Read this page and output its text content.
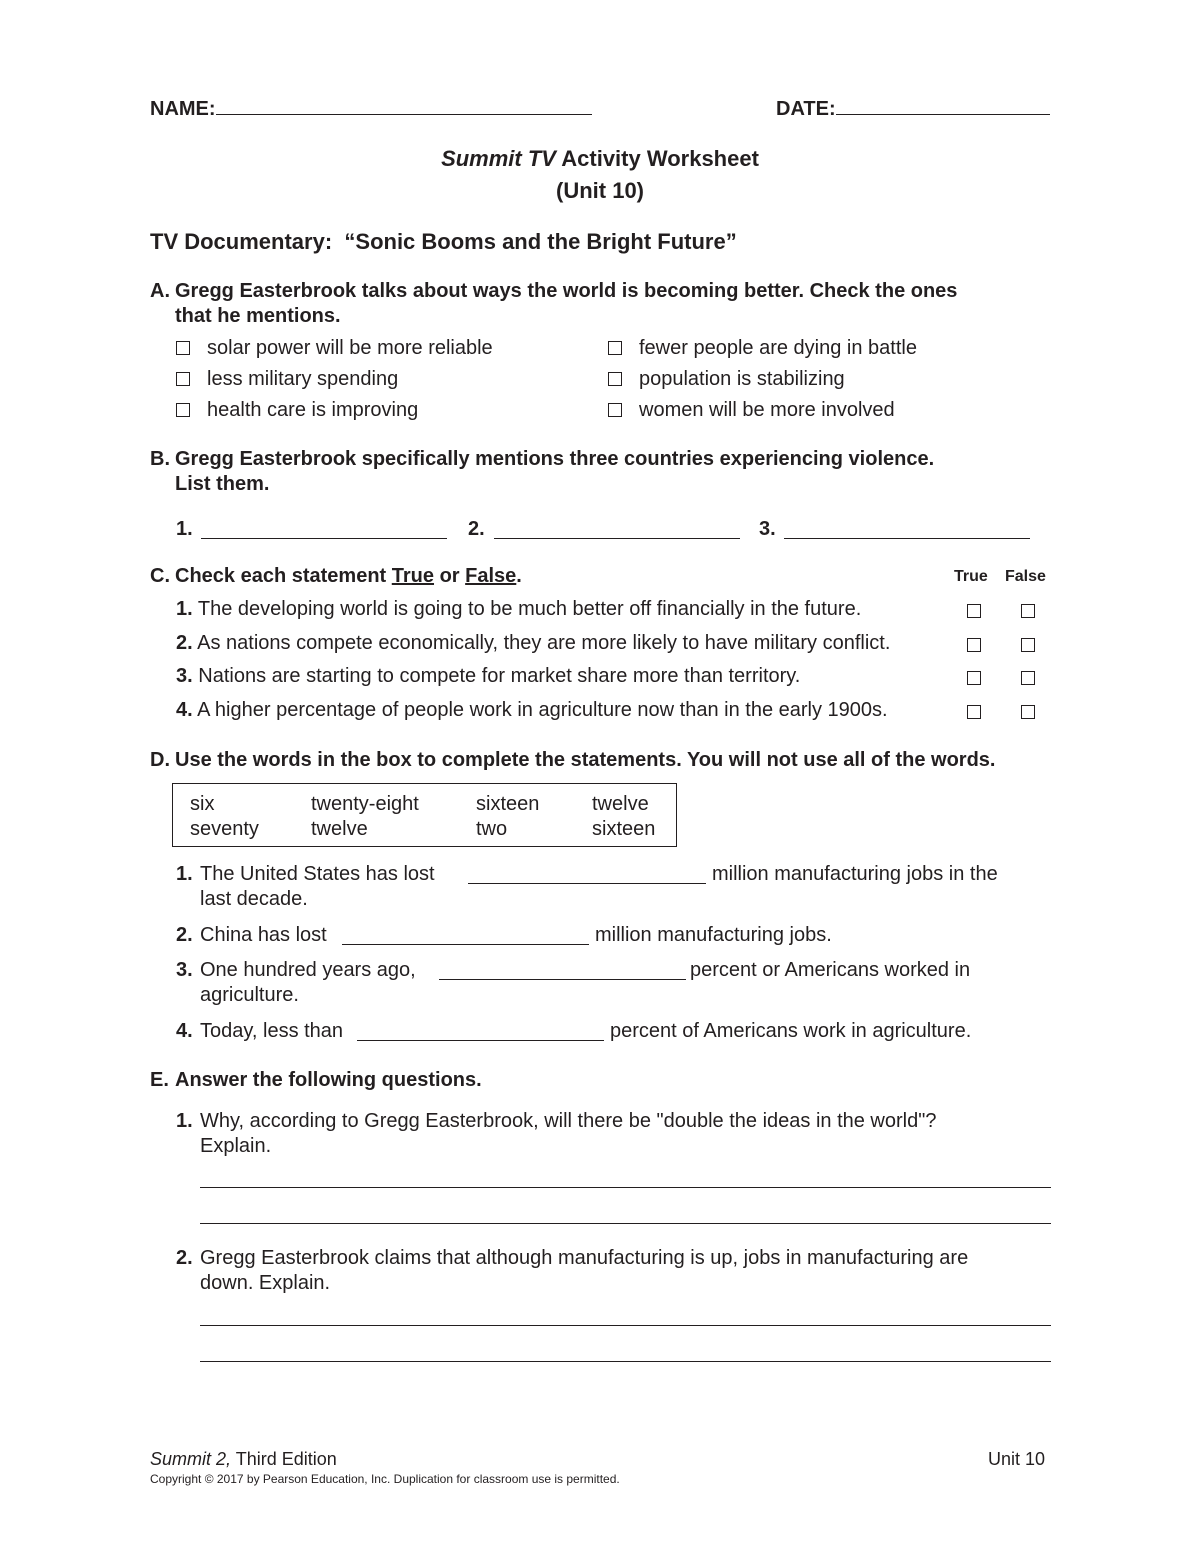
NAME:	DATE:
Summit TV Activity Worksheet
(Unit 10)
TV Documentary: “Sonic Booms and the Bright Future”
A. Gregg Easterbrook talks about ways the world is becoming better. Check the ones
that he mentions.
solar power will be more reliable	fewer people are dying in battle
less military spending	population is stabilizing
health care is improving	women will be more involved
B. Gregg Easterbrook specifically mentions three countries experiencing violence.
List them.
1.	2.	3.
C. Check each statement True or False.	True False
1. The developing world is going to be much better off financially in the future.
2. As nations compete economically, they are more likely to have military conflict.
3. Nations are starting to compete for market share more than territory.
4. A higher percentage of people work in agriculture now than in the early 1900s.
D. Use the words in the box to complete the statements. You will not use all of the words.
six	twenty-eight	sixteen	twelve
seventy	twelve	two	sixteen
1. The United States has lost	million manufacturing jobs in the
last decade.
2. China has lost	million manufacturing jobs.
3. One hundred years ago,	percent or Americans worked in
agriculture.
4. Today, less than	percent of Americans work in agriculture.
E. Answer the following questions.
1. Why, according to Gregg Easterbrook, will there be "double the ideas in the world"?
Explain.
2. Gregg Easterbrook claims that although manufacturing is up, jobs in manufacturing are
down. Explain.
Summit 2, Third Edition	Unit 10
Copyright © 2017 by Pearson Education, Inc. Duplication for classroom use is permitted.
